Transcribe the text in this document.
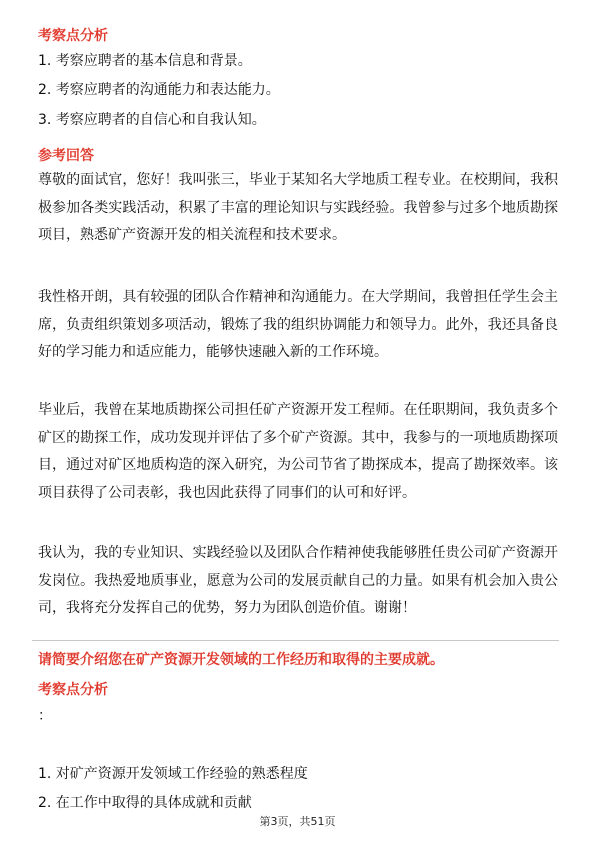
考察点分析
1. 考察应聘者的基本信息和背景。
2. 考察应聘者的沟通能力和表达能力。
3. 考察应聘者的自信心和自我认知。
参考回答
尊敬的面试官，您好！我叫张三，毕业于某知名大学地质工程专业。在校期间，我积极参加各类实践活动，积累了丰富的理论知识与实践经验。我曾参与过多个地质勘探项目，熟悉矿产资源开发的相关流程和技术要求。
我性格开朗，具有较强的团队合作精神和沟通能力。在大学期间，我曾担任学生会主席，负责组织策划多项活动，锻炼了我的组织协调能力和领导力。此外，我还具备良好的学习能力和适应能力，能够快速融入新的工作环境。
毕业后，我曾在某地质勘探公司担任矿产资源开发工程师。在任职期间，我负责多个矿区的勘探工作，成功发现并评估了多个矿产资源。其中，我参与的一项地质勘探项目，通过对矿区地质构造的深入研究，为公司节省了勘探成本，提高了勘探效率。该项目获得了公司表彰，我也因此获得了同事们的认可和好评。
我认为，我的专业知识、实践经验以及团队合作精神使我能够胜任贵公司矿产资源开发岗位。我热爱地质事业，愿意为公司的发展贡献自己的力量。如果有机会加入贵公司，我将充分发挥自己的优势，努力为团队创造价值。谢谢！
请简要介绍您在矿产资源开发领域的工作经历和取得的主要成就。
考察点分析
：
1. 对矿产资源开发领域工作经验的熟悉程度
2. 在工作中取得的具体成就和贡献
第3页，共51页
